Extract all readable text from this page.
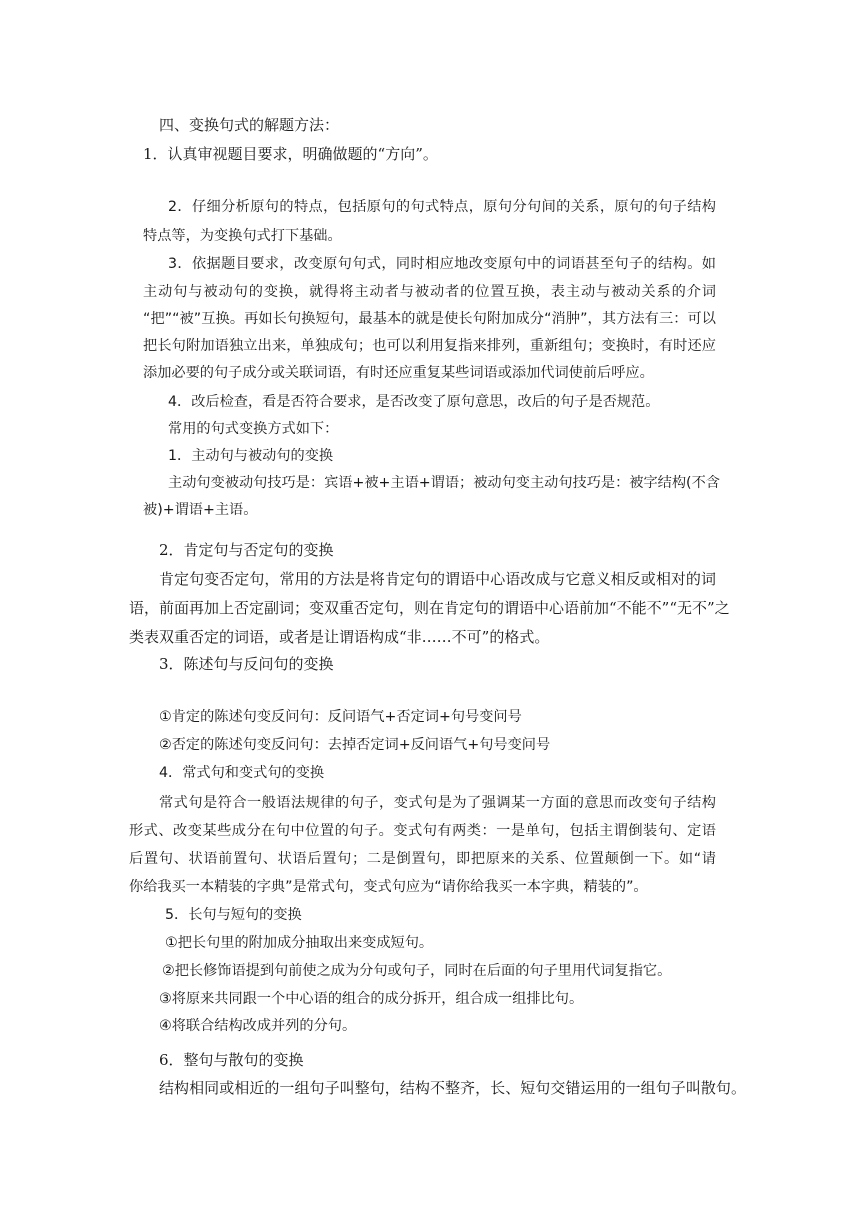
四、变换句式的解题方法：
1．认真审视题目要求，明确做题的“方向”。
2．仔细分析原句的特点，包括原句的句式特点，原句分句间的关系，原句的句子结构
特点等，为变换句式打下基础。
3．依据题目要求，改变原句句式，同时相应地改变原句中的词语甚至句子的结构。如
主动句与被动句的变换，就得将主动者与被动者的位置互换，表主动与被动关系的介词
“把”“被”互换。再如长句换短句，最基本的就是使长句附加成分“消肿”，其方法有三：可以
把长句附加语独立出来，单独成句；也可以利用复指来排列，重新组句；变换时，有时还应
添加必要的句子成分或关联词语，有时还应重复某些词语或添加代词使前后呼应。
4．改后检查，看是否符合要求，是否改变了原句意思，改后的句子是否规范。
常用的句式变换方式如下：
1．主动句与被动句的变换
主动句变被动句技巧是：宾语+被+主语+谓语；被动句变主动句技巧是：被字结构(不含
被)+谓语+主语。
2．肯定句与否定句的变换
肯定句变否定句，常用的方法是将肯定句的谓语中心语改成与它意义相反或相对的词
语，前面再加上否定副词；变双重否定句，则在肯定句的谓语中心语前加“不能不”“无不”之
类表双重否定的词语，或者是让谓语构成“非……不可”的格式。
3．陈述句与反问句的变换
①肯定的陈述句变反问句：反问语气+否定词+句号变问号
②否定的陈述句变反问句：去掉否定词+反问语气+句号变问号
4．常式句和变式句的变换
常式句是符合一般语法规律的句子，变式句是为了强调某一方面的意思而改变句子结构
形式、改变某些成分在句中位置的句子。变式句有两类：一是单句，包括主谓倒装句、定语
后置句、状语前置句、状语后置句；二是倒置句，即把原来的关系、位置颠倒一下。如“请
你给我买一本精装的字典”是常式句，变式句应为“请你给我买一本字典，精装的”。
5．长句与短句的变换
①把长句里的附加成分抽取出来变成短句。
②把长修饰语提到句前使之成为分句或句子，同时在后面的句子里用代词复指它。
③将原来共同跟一个中心语的组合的成分拆开，组合成一组排比句。
④将联合结构改成并列的分句。
6．整句与散句的变换
结构相同或相近的一组句子叫整句，结构不整齐，长、短句交错运用的一组句子叫散句。
